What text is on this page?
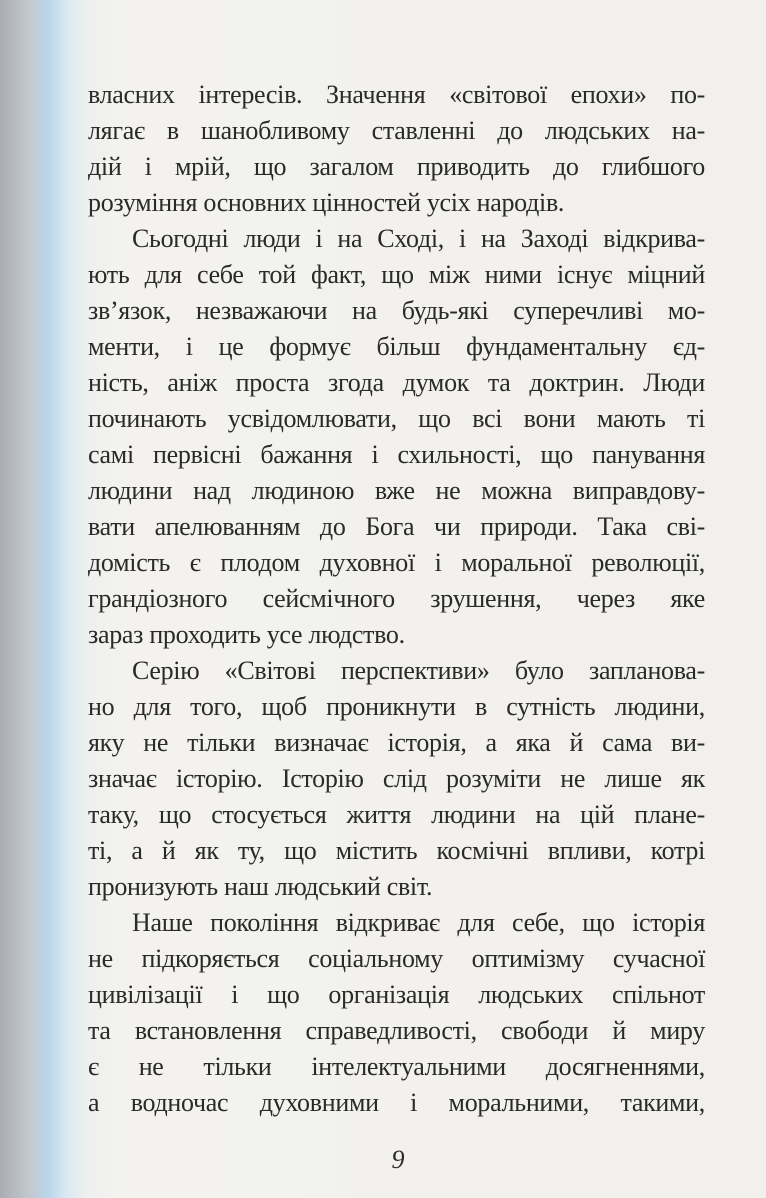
власних інтересів. Значення «світової епохи» по-
лягає в шанобливому ставленні до людських на-
дій і мрій, що загалом приводить до глибшого
розуміння основних цінностей усіх народів.
Сьогодні люди і на Сході, і на Заході відкрива-
ють для себе той факт, що між ними існує міцний
зв’язок, незважаючи на будь-які суперечливі мо-
менти, і це формує більш фундаментальну єд-
ність, аніж проста згода думок та доктрин. Люди
починають усвідомлювати, що всі вони мають ті
самі первісні бажання і схильності, що панування
людини над людиною вже не можна виправдову-
вати апелюванням до Бога чи природи. Така сві-
домість є плодом духовної і моральної революції,
грандіозного сейсмічного зрушення, через яке
зараз проходить усе людство.
Серію «Світові перспективи» було запланова-
но для того, щоб проникнути в сутність людини,
яку не тільки визначає історія, а яка й сама ви-
значає історію. Історію слід розуміти не лише як
таку, що стосується життя людини на цій плане-
ті, а й як ту, що містить космічні впливи, котрі
пронизують наш людський світ.
Наше покоління відкриває для себе, що історія
не підкоряється соціальному оптимізму сучасної
цивілізації і що організація людських спільнот
та встановлення справедливості, свободи й миру
є не тільки інтелектуальними досягненнями,
а водночас духовними і моральними, такими,
9
